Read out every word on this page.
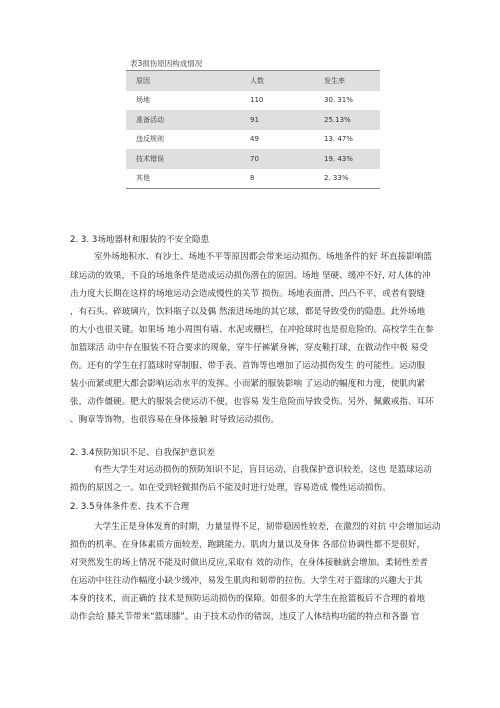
表3损伤原因构成情况
原因	人数	发生率
场地	110	30. 31%
准备活动	91	25.13%
违反规则	49	13. 47%
技术错误	70	19. 43%
其他	8	2. 33%
2. 3. 3场地器材和服装的不安全隐患
室外场地积水、有沙土、场地不平等原因都会带来运动损伤。场地条件的好 坏直接影响篮
球运动的效果，不良的场地条件是造成运动损伤潜在的原因。场地 坚硬、缓冲不好, 对人体的冲
击力度大长期在这样的场地运动会造成慢性的关节 损伤。场地表面滑、凹凸不平，或者有裂缝
，有石头、碎玻璃片，饮料瓶子以及偶 然滚进场地的其它球，都是导致受伤的隐患。此外场地
的大小也很关键。如果场 地小周围有墙、水泥或栅栏，在冲抢球时也是很危险的。高校学生在参
加篮球活 动中存在服装不符合要求的现象，穿牛仔裤紧身裤，穿皮鞋打球，在做动作中极 易受
伤。还有的学生在打篮球时穿制服、带手表、首饰等也增加了运动损伤发生 的可能性。运动服
装小而紧或肥大都会影响运动水平的发挥。小而紧的服装影响 了运动的幅度和力度，使肌肉紧
张，动作僵硬。肥大的服装会使运动不便，也容易 发生危险而导致受伤。另外，佩戴戒指、耳环
、胸章等饰物，也很容易在身体接触 时导致运动损伤。
2. 3.4预防知识不足、自我保护意识差
有些大学生对运动损伤的预防知识不足，盲目运动，自我保护意识较差，这也 是篮球运动
损伤的原因之一。如在受到轻微损伤后不能及时进行处理，容易造成 慢性运动损伤。
2. 3.5身体条件差、技术不合理
大学生正是身体发育的时期，力量显得不足，韧带稳固性较差，在激烈的对抗 中会增加运动
损伤的机率。在身体素质方面较差，跑跳能力、肌肉力量以及身体 各部位协调性都不是很好，
对突然发生的场上情况不能及时做出反应,采取有 效的动作，在身体接触就会增加。柔韧性差者
在运动中往往动作幅度小缺少缓冲，易发生肌肉和韧带的拉伤。大学生对于篮球的兴趣大于其
本身的技术，而正确的 技术是预防运动损伤的保障。如很多的大学生在抢篮板后不合理的着地
动作会给 膝关节带来“篮球膝”。由于技术动作的错误，违反了人体结构功能的特点和各器 官
